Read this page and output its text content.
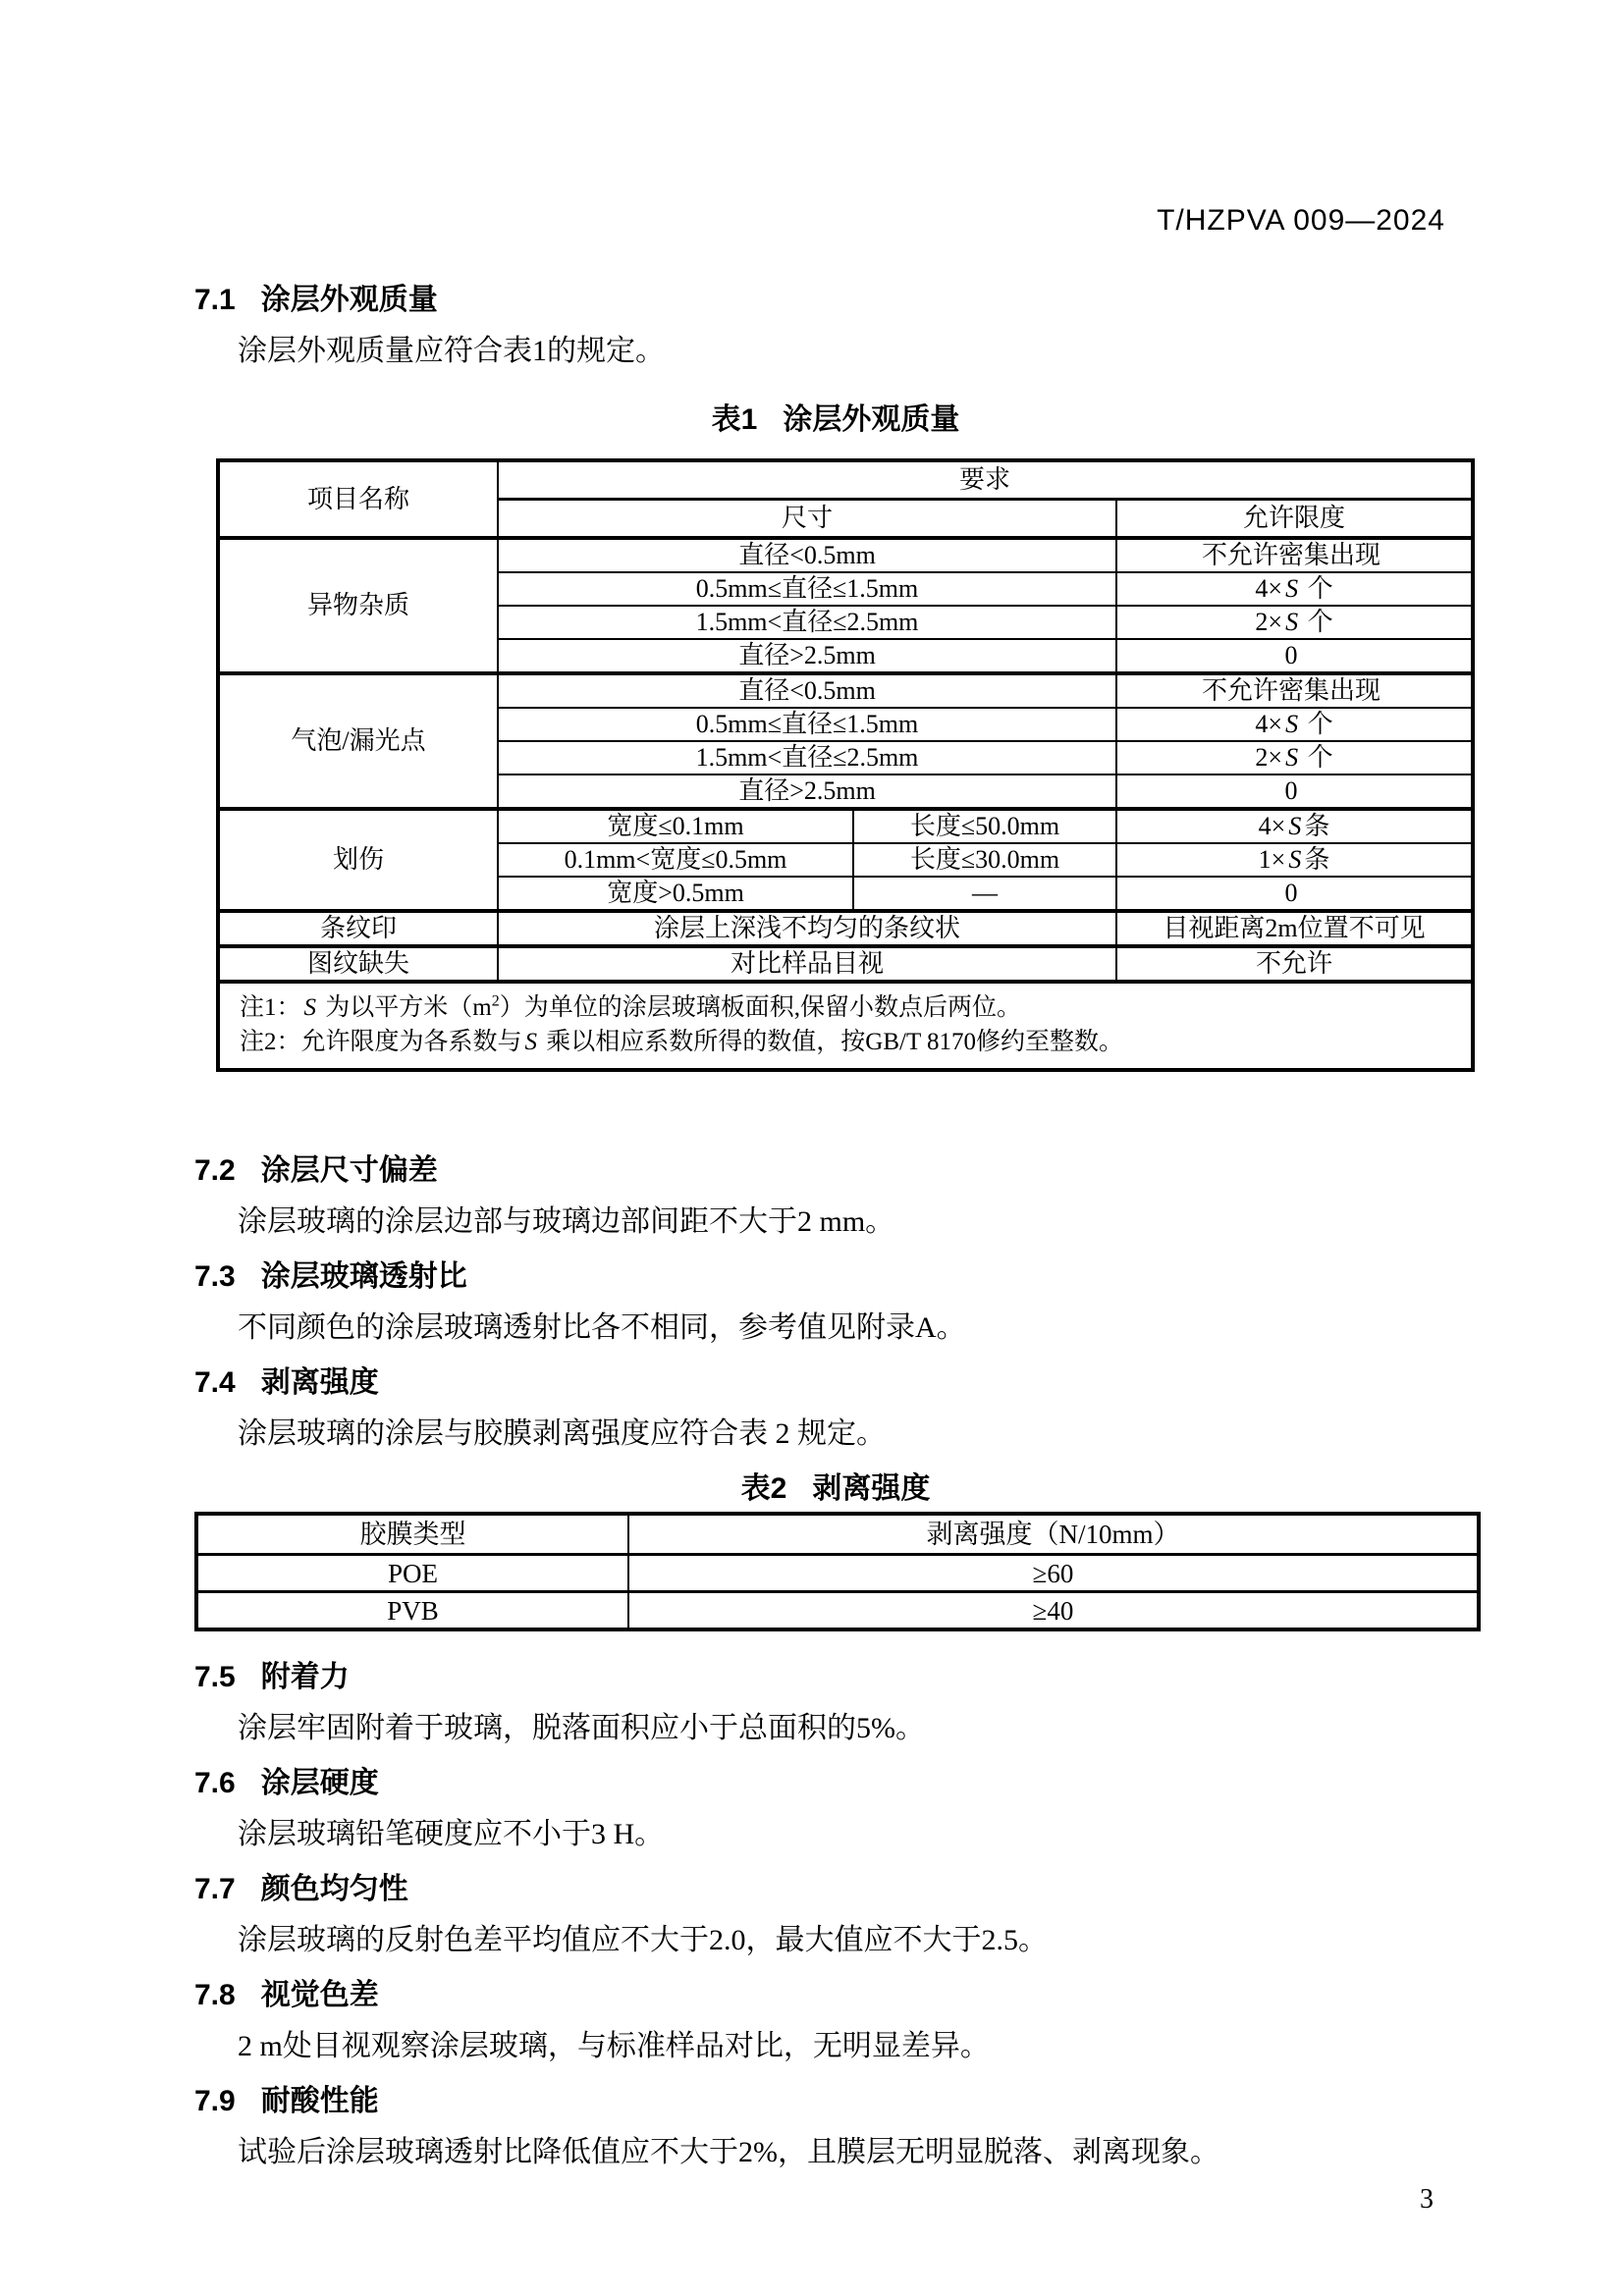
T/HZPVA 009—2024
7.1 涂层外观质量

涂层外观质量应符合表1的规定。

表1 涂层外观质量
项目名称	要求		
	尺寸		允许限度
异物杂质	直径<0.5mm		不允许密集出现
	0.5mm≤直径≤1.5mm		4× S 个
	1.5mm<直径≤2.5mm		2× S 个
	直径>2.5mm		0
气泡/漏光点	直径<0.5mm		不允许密集出现
	0.5mm≤直径≤1.5mm		4× S 个
	1.5mm<直径≤2.5mm		2× S 个
	直径>2.5mm		0
划伤	宽度≤0.1mm	长度≤50.0mm	4× S 条
	0.1mm<宽度≤0.5mm	长度≤30.0mm	1× S 条
	宽度>0.5mm	—	0
条纹印	涂层上深浅不均匀的条纹状		目视距离2m位置不可见
图纹缺失	对比样品目视		不允许

注1： S 为以平方米$(m^2)$为单位的涂层玻璃板面积,保留小数点后两位。
注2：允许限度为各系数与 S 乘以相应系数所得的数值，按GB/T 8170修约至整数。			
7.2 涂层尺寸偏差

涂层玻璃的涂层边部与玻璃边部间距不大于2 mm。

7.3 涂层玻璃透射比

不同颜色的涂层玻璃透射比各不相同，参考值见附录A。

7.4 剥离强度

涂层玻璃的涂层与胶膜剥离强度应符合表 2 规定。

表2 剥离强度
胶膜类型	剥离强度（N/10mm）
POE	≥60
PVB	≥40
7.5 附着力

涂层牢固附着于玻璃，脱落面积应小于总面积的5%。

7.6 涂层硬度

涂层玻璃铅笔硬度应不小于3 H。

7.7 颜色均匀性

涂层玻璃的反射色差平均值应不大于2.0，最大值应不大于2.5。

7.8 视觉色差

2 m处目视观察涂层玻璃，与标准样品对比，无明显差异。

7.9 耐酸性能

试验后涂层玻璃透射比降低值应不大于2%，且膜层无明显脱落、剥离现象。

3
